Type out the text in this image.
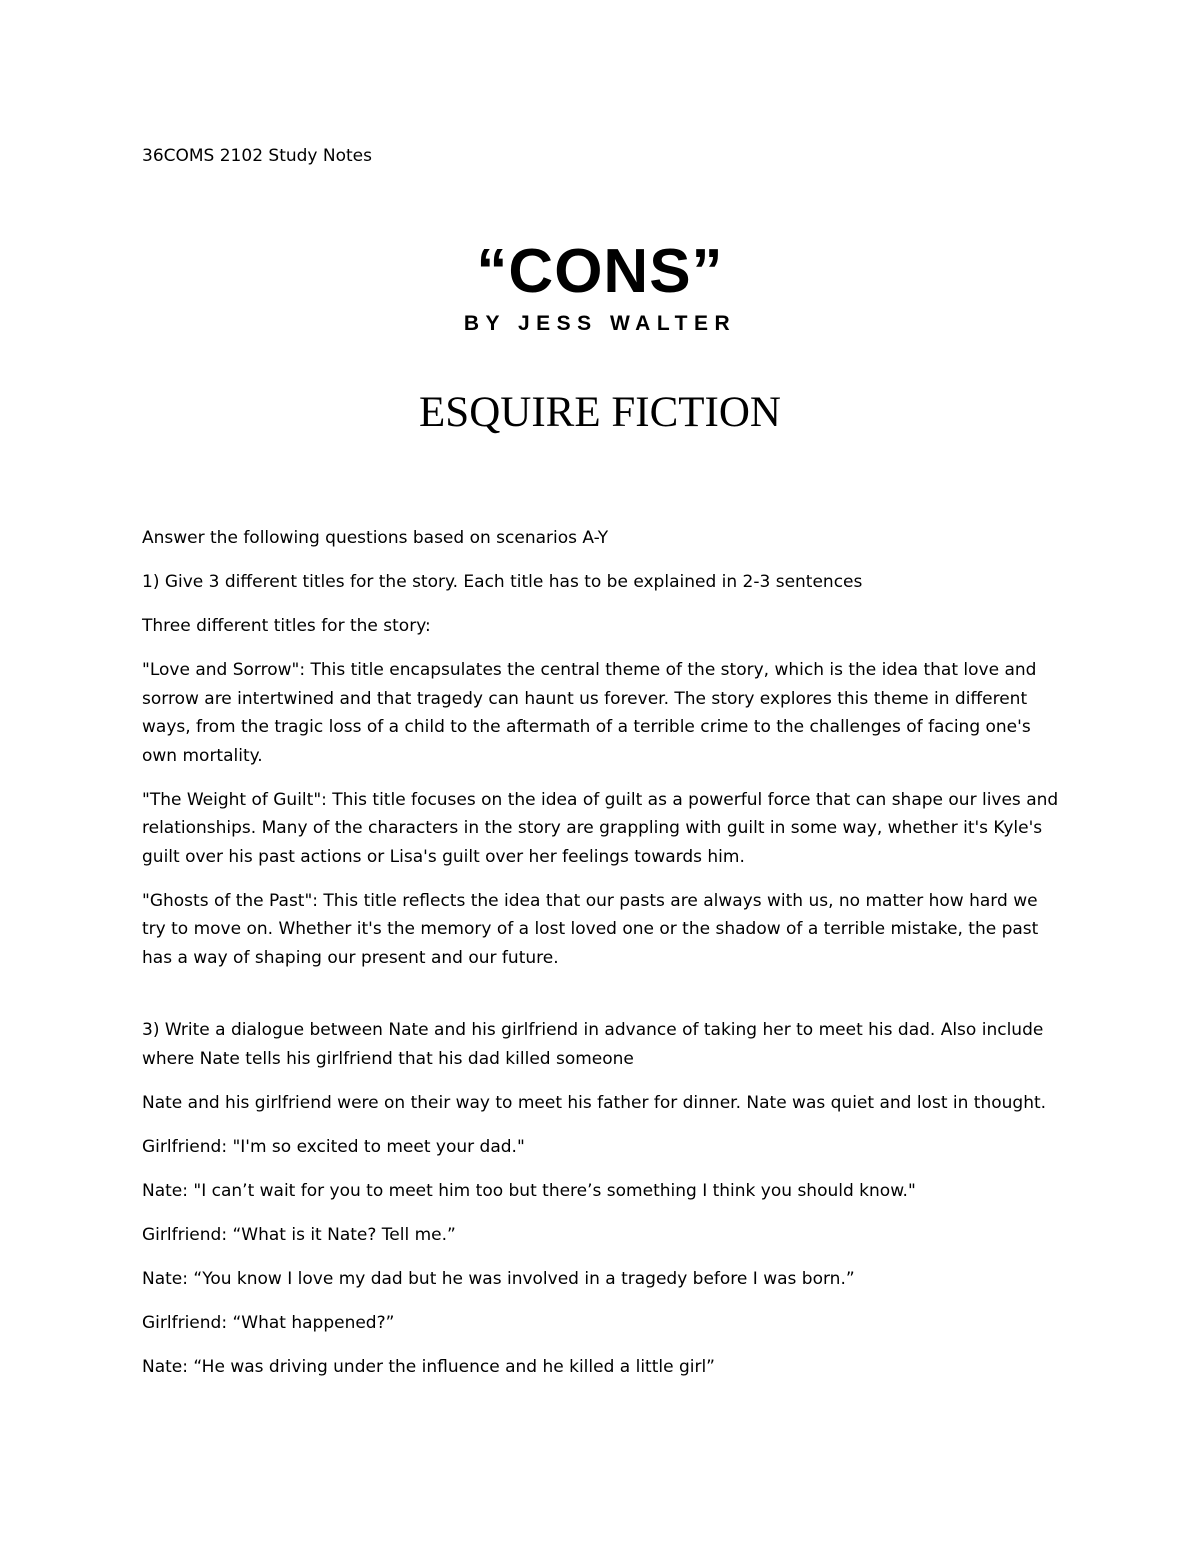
36COMS 2102 Study Notes
“CONS”
BY JESS WALTER
ESQUIRE FICTION

Answer the following questions based on scenarios A-Y

1) Give 3 different titles for the story. Each title has to be explained in 2-3 sentences

Three different titles for the story:

"Love and Sorrow": This title encapsulates the central theme of the story, which is the idea that love and sorrow are intertwined and that tragedy can haunt us forever. The story explores this theme in different ways, from the tragic loss of a child to the aftermath of a terrible crime to the challenges of facing one's own mortality.

"The Weight of Guilt": This title focuses on the idea of guilt as a powerful force that can shape our lives and relationships. Many of the characters in the story are grappling with guilt in some way, whether it's Kyle's guilt over his past actions or Lisa's guilt over her feelings towards him.

"Ghosts of the Past": This title reflects the idea that our pasts are always with us, no matter how hard we try to move on. Whether it's the memory of a lost loved one or the shadow of a terrible mistake, the past has a way of shaping our present and our future.

3) Write a dialogue between Nate and his girlfriend in advance of taking her to meet his dad. Also include where Nate tells his girlfriend that his dad killed someone

Nate and his girlfriend were on their way to meet his father for dinner. Nate was quiet and lost in thought.

Girlfriend: "I'm so excited to meet your dad."

Nate: "I can’t wait for you to meet him too but there’s something I think you should know."

Girlfriend: “What is it Nate? Tell me.”

Nate: “You know I love my dad but he was involved in a tragedy before I was born.”

Girlfriend: “What happened?”

Nate: “He was driving under the influence and he killed a little girl”
